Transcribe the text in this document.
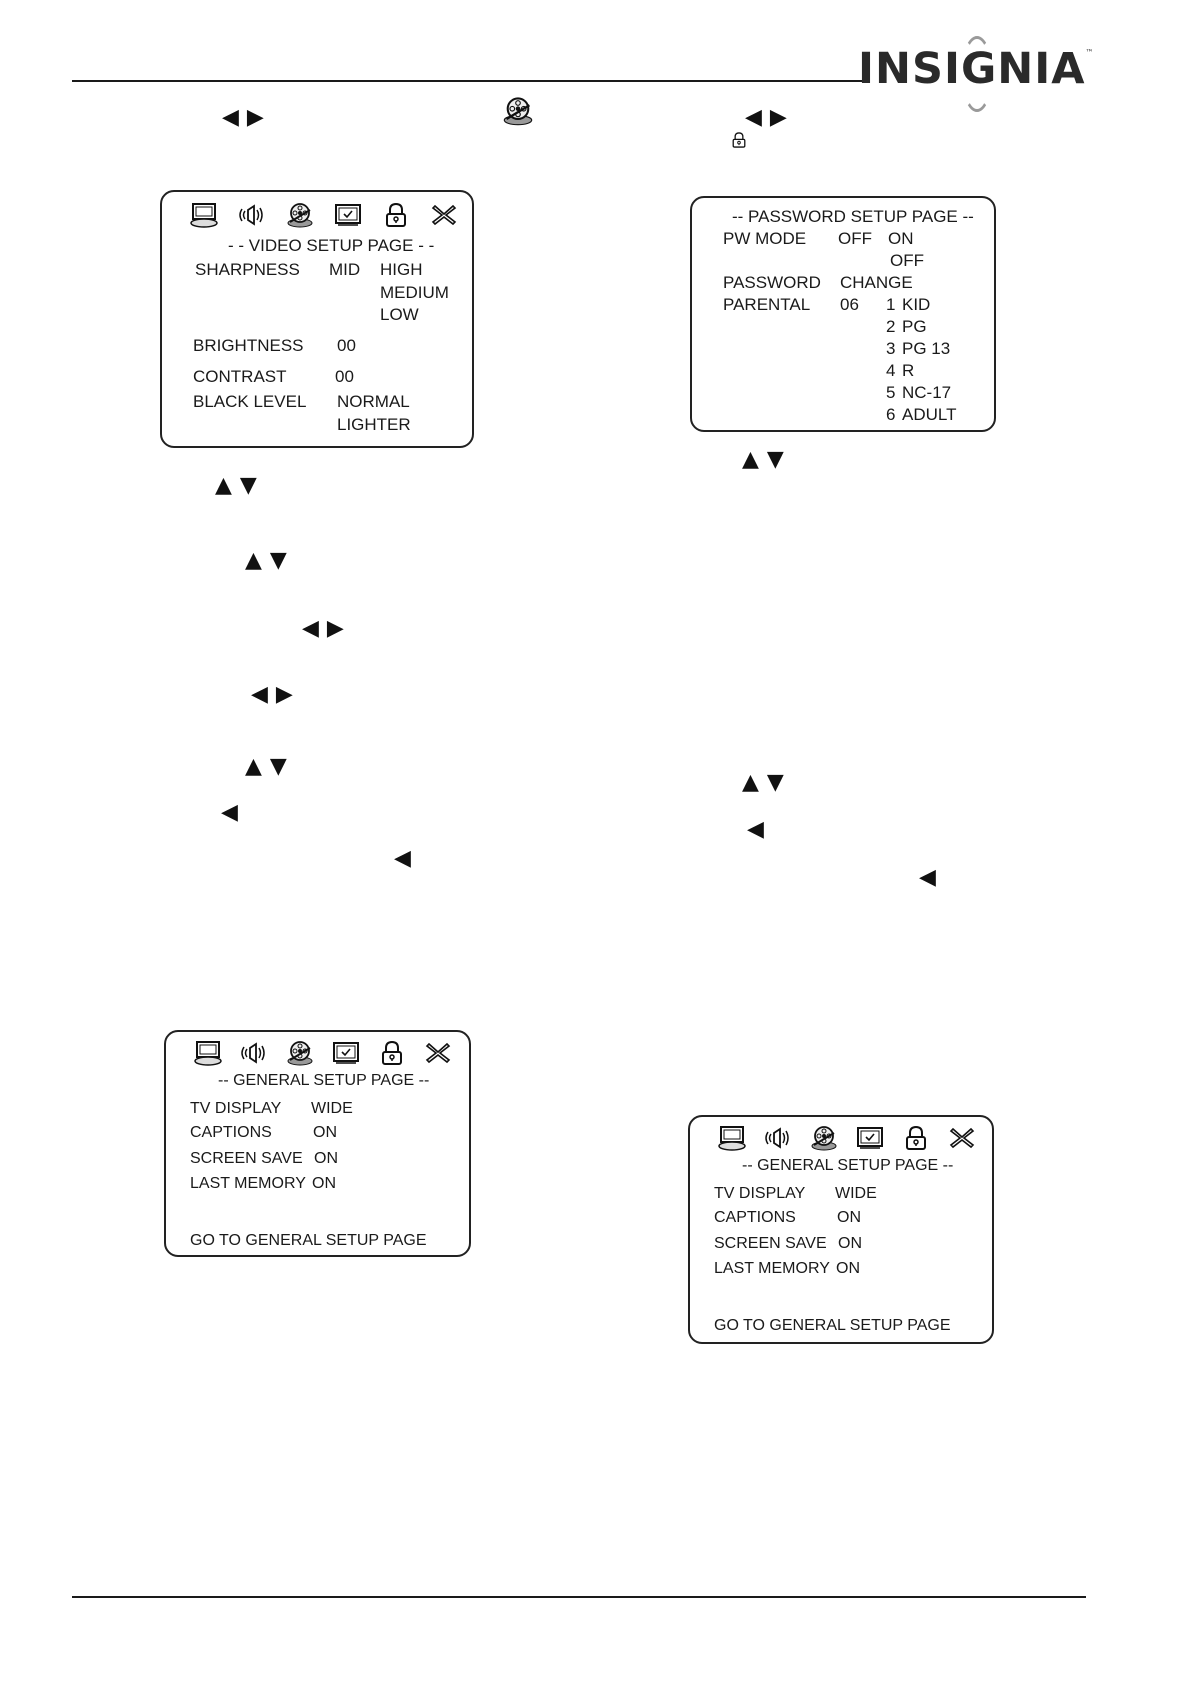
INSIGNIA™
◀ ▶
- - VIDEO SETUP PAGE - -
SHARPNESS MID HIGH
MEDIUM
LOW
BRIGHTNESS 00
CONTRAST	00
BLACK LEVEL NORMAL
LIGHTER
▲ ▼
▲ ▼
◀ ▶
◀ ▶
▲ ▼
◀
◀
-- GENERAL SETUP PAGE --
TV DISPLAY WIDE
CAPTIONS	ON
SCREEN SAVE ON
LAST MEMORY ON
GO TO GENERAL SETUP PAGE
◀ ▶
-- PASSWORD SETUP PAGE --
PW MODE OFF ON
OFF
PASSWORD CHANGE
PARENTAL 06 1 KID
2 PG
3 PG 13
4 R
5 NC-17
6 ADULT
▲ ▼
▲ ▼
◀
◀
-- GENERAL SETUP PAGE --
TV DISPLAY WIDE
CAPTIONS	ON
SCREEN SAVE ON
LAST MEMORY ON
GO TO GENERAL SETUP PAGE
